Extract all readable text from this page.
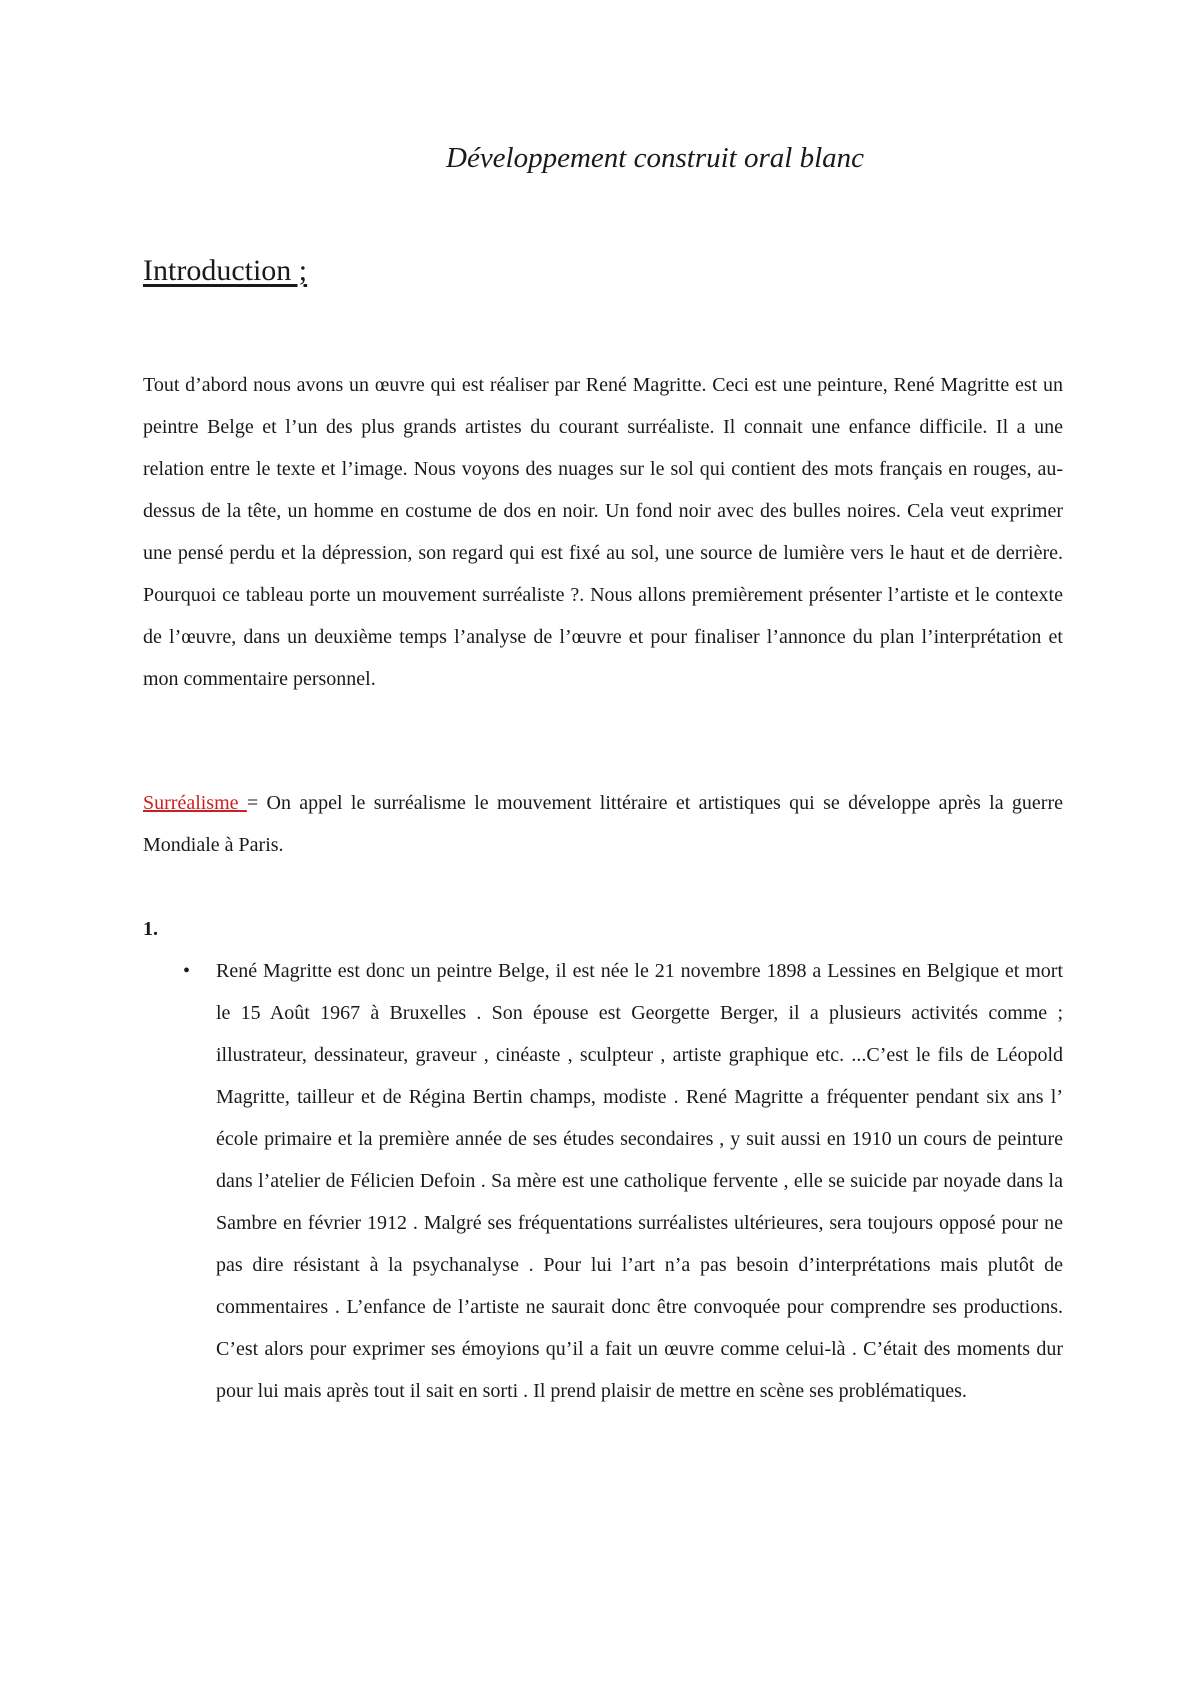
Développement construit oral blanc
Introduction ;

Tout d’abord nous avons un œuvre qui est réaliser par René Magritte. Ceci est une peinture, René Magritte est un peintre Belge et l’un des plus grands artistes du courant surréaliste. Il connait une enfance difficile. Il a une relation entre le texte et l’image. Nous voyons des nuages sur le sol qui contient des mots français en rouges, au-dessus de la tête, un homme en costume de dos en noir. Un fond noir avec des bulles noires. Cela veut exprimer une pensé perdu et la dépression, son regard qui est fixé au sol, une source de lumière vers le haut et de derrière. Pourquoi ce tableau porte un mouvement surréaliste ?. Nous allons premièrement présenter l’artiste et le contexte de l’œuvre, dans un deuxième temps l’analyse de l’œuvre et pour finaliser l’annonce du plan l’interprétation et mon commentaire personnel.

Surréalisme = On appel le surréalisme le mouvement littéraire et artistiques qui se développe après la guerre Mondiale à Paris.

1.

• René Magritte est donc un peintre Belge, il est née le 21 novembre 1898 a Lessines en Belgique et mort le 15 Août 1967 à Bruxelles . Son épouse est Georgette Berger, il a plusieurs activités comme ; illustrateur, dessinateur, graveur , cinéaste , sculpteur , artiste graphique etc. ...C’est le fils de Léopold Magritte, tailleur et de Régina Bertin champs, modiste . René Magritte a fréquenter pendant six ans l’ école primaire et la première année de ses études secondaires , y suit aussi en 1910 un cours de peinture dans l’atelier de Félicien Defoin . Sa mère est une catholique fervente , elle se suicide par noyade dans la Sambre en février 1912 . Malgré ses fréquentations surréalistes ultérieures, sera toujours opposé pour ne pas dire résistant à la psychanalyse . Pour lui l’art n’a pas besoin d’interprétations mais plutôt de commentaires . L’enfance de l’artiste ne saurait donc être convoquée pour comprendre ses productions. C’est alors pour exprimer ses émoyions qu’il a fait un œuvre comme celui-là . C’était des moments dur pour lui mais après tout il sait en sorti . Il prend plaisir de mettre en scène ses problématiques.
